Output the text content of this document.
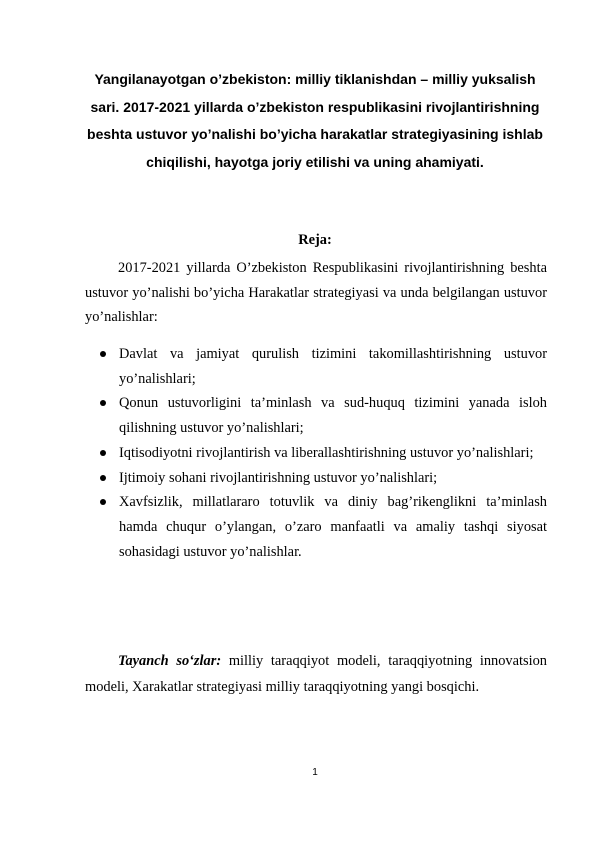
Yangilanayotgan o’zbekiston: milliy tiklanishdan – milliy yuksalish sari. 2017-2021 yillarda o’zbekiston respublikasini rivojlantirishning beshta ustuvor yo’nalishi bo’yicha harakatlar strategiyasining ishlab chiqilishi, hayotga joriy etilishi va uning ahamiyati.

Reja:

2017-2021 yillarda O’zbekiston Respublikasini rivojlantirishning beshta ustuvor yo’nalishi bo’yicha Harakatlar strategiyasi va unda belgilangan ustuvor yo’nalishlar:

Davlat va jamiyat qurulish tizimini takomillashtirishning ustuvor yo’nalishlari;
Qonun ustuvorligini ta’minlash va sud-huquq tizimini yanada isloh qilishning ustuvor yo’nalishlari;
Iqtisodiyotni rivojlantirish va liberallashtirishning ustuvor yo’nalishlari;
Ijtimoiy sohani rivojlantirishning ustuvor yo’nalishlari;
Xavfsizlik, millatlararo totuvlik va diniy bag’rikenglikni ta’minlash hamda chuqur o’ylangan, o’zaro manfaatli va amaliy tashqi siyosat sohasidagi ustuvor yo’nalishlar.

Tayanch so‘zlar: milliy taraqqiyot modeli, taraqqiyotning innovatsion modeli, Xarakatlar strategiyasi milliy taraqqiyotning yangi bosqichi.

1
